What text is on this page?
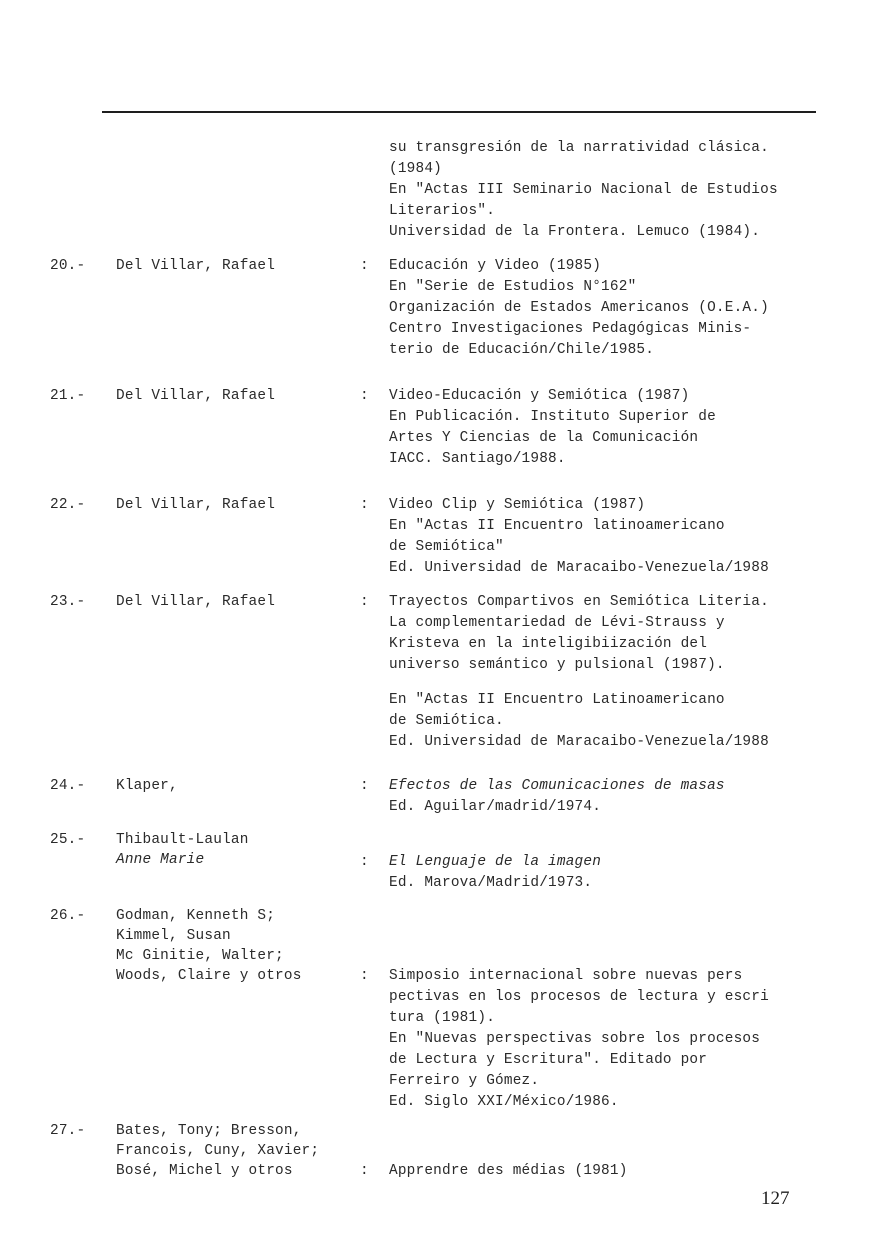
su transgresión de la narratividad clásica.
(1984)
En "Actas III Seminario Nacional de Estudios
Literarios".
Universidad de la Frontera. Lemuco (1984).
20.- Del Villar, Rafael	: Educación y Video (1985)
En "Serie de Estudios N°162"
Organización de Estados Americanos (O.E.A.)
Centro Investigaciones Pedagógicas Minis-
terio de Educación/Chile/1985.
21.- Del Villar, Rafael	: Video-Educación y Semiótica (1987)
En Publicación. Instituto Superior de
Artes Y Ciencias de la Comunicación
IACC. Santiago/1988.
22.- Del Villar, Rafael	: Video Clip y Semiótica (1987)
En "Actas II Encuentro latinoamericano
de Semiótica"
Ed. Universidad de Maracaibo-Venezuela/1988
23.- Del Villar, Rafael	: Trayectos Compartivos en Semiótica Literia.
La complementariedad de Lévi-Strauss y
Kristeva en la inteligibiización del
universo semántico y pulsional (1987).
En "Actas II Encuentro Latinoamericano
de Semiótica.
Ed. Universidad de Maracaibo-Venezuela/1988
24.- Klaper,	: Efectos de las Comunicaciones de masas
Ed. Aguilar/madrid/1974.
25.- Thibault-Laulan
Anne Marie	: El Lenguaje de la imagen
Ed. Marova/Madrid/1973.
26.- Godman, Kenneth S;
Kimmel, Susan
Mc Ginitie, Walter;
Woods, Claire y otros	: Simposio internacional sobre nuevas pers
pectivas en los procesos de lectura y escri
tura (1981).
En "Nuevas perspectivas sobre los procesos
de Lectura y Escritura". Editado por
Ferreiro y Gómez.
Ed. Siglo XXI/México/1986.
27.- Bates, Tony; Bresson,
Francois, Cuny, Xavier;
Bosé, Michel y otros	: Apprendre des médias (1981)
127
